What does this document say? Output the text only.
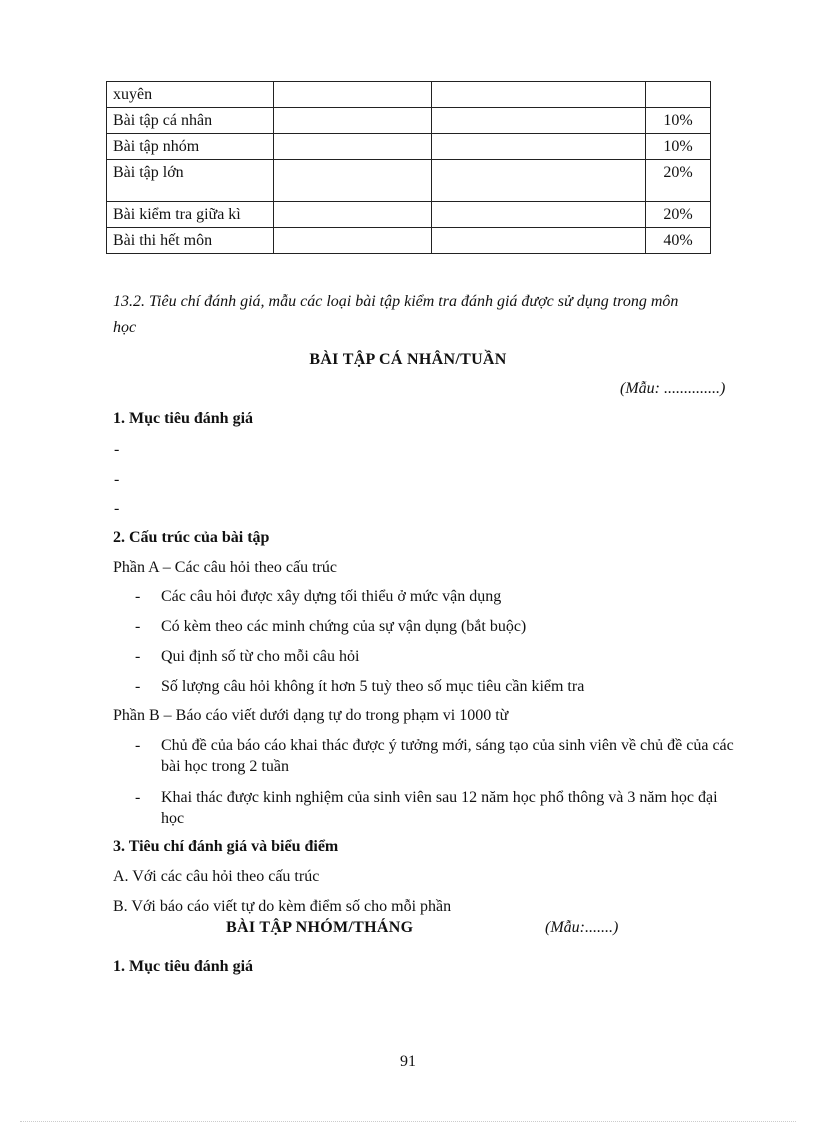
xuyên			
Bài tập cá nhân			10%
Bài tập nhóm			10%
Bài tập lớn			20%
Bài kiểm tra giữa kì			20%
Bài thi hết môn			40%
13.2. Tiêu chí đánh giá, mẫu các loại bài tập kiểm tra đánh giá được sử dụng trong môn
học
BÀI TẬP CÁ NHÂN/TUẦN
(Mẫu: ..............)
1. Mục tiêu đánh giá
-
-
-
2. Cấu trúc của bài tập
Phần A – Các câu hỏi theo cấu trúc
-	Các câu hỏi được xây dựng tối thiểu ở mức vận dụng
-	Có kèm theo các minh chứng của sự vận dụng (bắt buộc)
-	Qui định số từ cho mỗi câu hỏi
-	Số lượng câu hỏi không ít hơn 5 tuỳ theo số mục tiêu cần kiểm tra
Phần B – Báo cáo viết dưới dạng tự do trong phạm vi 1000 từ
-	Chủ đề của báo cáo khai thác được ý tưởng mới, sáng tạo của sinh viên về chủ đề của các bài học trong 2 tuần
-	Khai thác được kinh nghiệm của sinh viên sau 12 năm học phổ thông và 3 năm học đại học
3. Tiêu chí đánh giá và biểu điểm
A. Với các câu hỏi theo cấu trúc
B. Với báo cáo viết tự do kèm điểm số cho mỗi phần
BÀI TẬP NHÓM/THÁNG	(Mẫu:.......)
1. Mục tiêu đánh giá
91
